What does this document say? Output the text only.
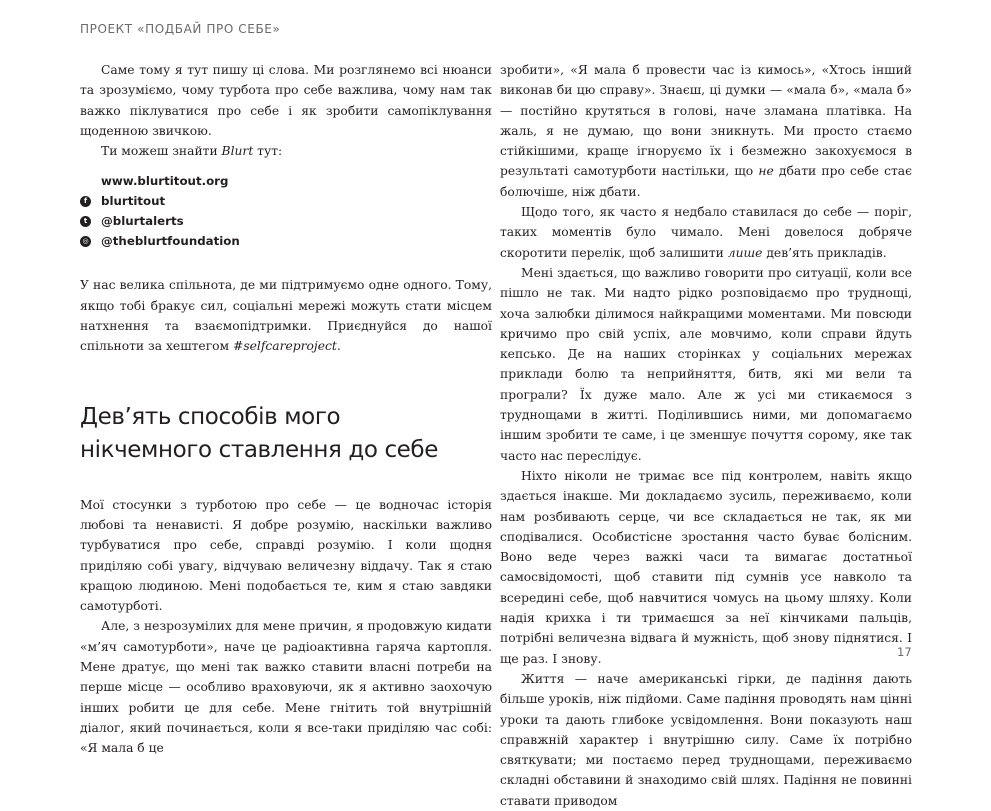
ПРОЕКТ «ПОДБАЙ ПРО СЕБЕ»

Саме тому я тут пишу ці слова. Ми розглянемо всі нюанси та зрозуміємо, чому турбота про себе важлива, чому нам так важко піклуватися про себе і як зробити самопіклування щоденною звичкою.

Ти можеш знайти Blurt тут:

www.blurtitout.org
f	blurtitout
t	@blurtalerts
◎ @theblurtfoundation

У нас велика спільнота, де ми підтримуємо одне одного. Тому, якщо тобі бракує сил, соціальні мережі можуть стати місцем натхнення та взаємопідтримки. Приєднуйся до нашої спільноти за хештегом #selfcareproject.

Дев’ять способів мого
нікчемного ставлення до себе

Мої стосунки з турботою про себе — це водночас історія любові та ненависті. Я добре розумію, наскільки важливо турбуватися про себе, справді розумію. І коли щодня приділяю собі увагу, відчуваю величезну віддачу. Так я стаю кращою людиною. Мені подобається те, ким я стаю завдяки самотурботі.

Але, з незрозумілих для мене причин, я продовжую кидати «м’яч самотурботи», наче це радіоактивна гаряча картопля. Мене дратує, що мені так важко ставити власні потреби на перше місце — особливо враховуючи, як я активно заохочую інших робити це для себе. Мене гнітить той внутрішній діалог, який починається, коли я все-таки приділяю час собі: «Я мала б це

зробити», «Я мала б провести час із кимось», «Хтось інший виконав би цю справу». Знаєш, ці думки — «мала б», «мала б» — постійно крутяться в голові, наче зламана платівка. На жаль, я не думаю, що вони зникнуть. Ми просто стаємо стійкішими, краще ігноруємо їх і безмежно закохуємося в результаті самотурботи настільки, що не дбати про себе стає болючіше, ніж дбати.

Щодо того, як часто я недбало ставилася до себе — поріг, таких моментів було чимало. Мені довелося добряче скоротити перелік, щоб залишити лише дев’ять прикладів.

Мені здається, що важливо говорити про ситуації, коли все пішло не так. Ми надто рідко розповідаємо про труднощі, хоча залюбки ділимося найкращими моментами. Ми повсюди кричимо про свій успіх, але мовчимо, коли справи йдуть кепсько. Де на наших сторінках у соціальних мережах приклади болю та неприйняття, битв, які ми вели та програли? Їх дуже мало. Але ж усі ми стикаємося з труднощами в житті. Поділившись ними, ми допомагаємо іншим зробити те саме, і це зменшує почуття сорому, яке так часто нас переслідує.

Ніхто ніколи не тримає все під контролем, навіть якщо здається інакше. Ми докладаємо зусиль, переживаємо, коли нам розбивають серце, чи все складається не так, як ми сподівалися. Особистісне зростання часто буває болісним. Воно веде через важкі часи та вимагає достатньої самосвідомості, щоб ставити під сумнів усе навколо та всередині себе, щоб навчитися чомусь на цьому шляху. Коли надія крихка і ти тримаєшся за неї кінчиками пальців, потрібні величезна відвага й мужність, щоб знову піднятися. І ще раз. І знову.

Життя — наче американські гірки, де падіння дають більше уроків, ніж підйоми. Саме падіння проводять нам цінні уроки та дають глибоке усвідомлення. Вони показують наш справжній характер і внутрішню силу. Саме їх потрібно святкувати; ми постаємо перед труднощами, переживаємо складні обставини й знаходимо свій шлях. Падіння не повинні ставати приводом

17
